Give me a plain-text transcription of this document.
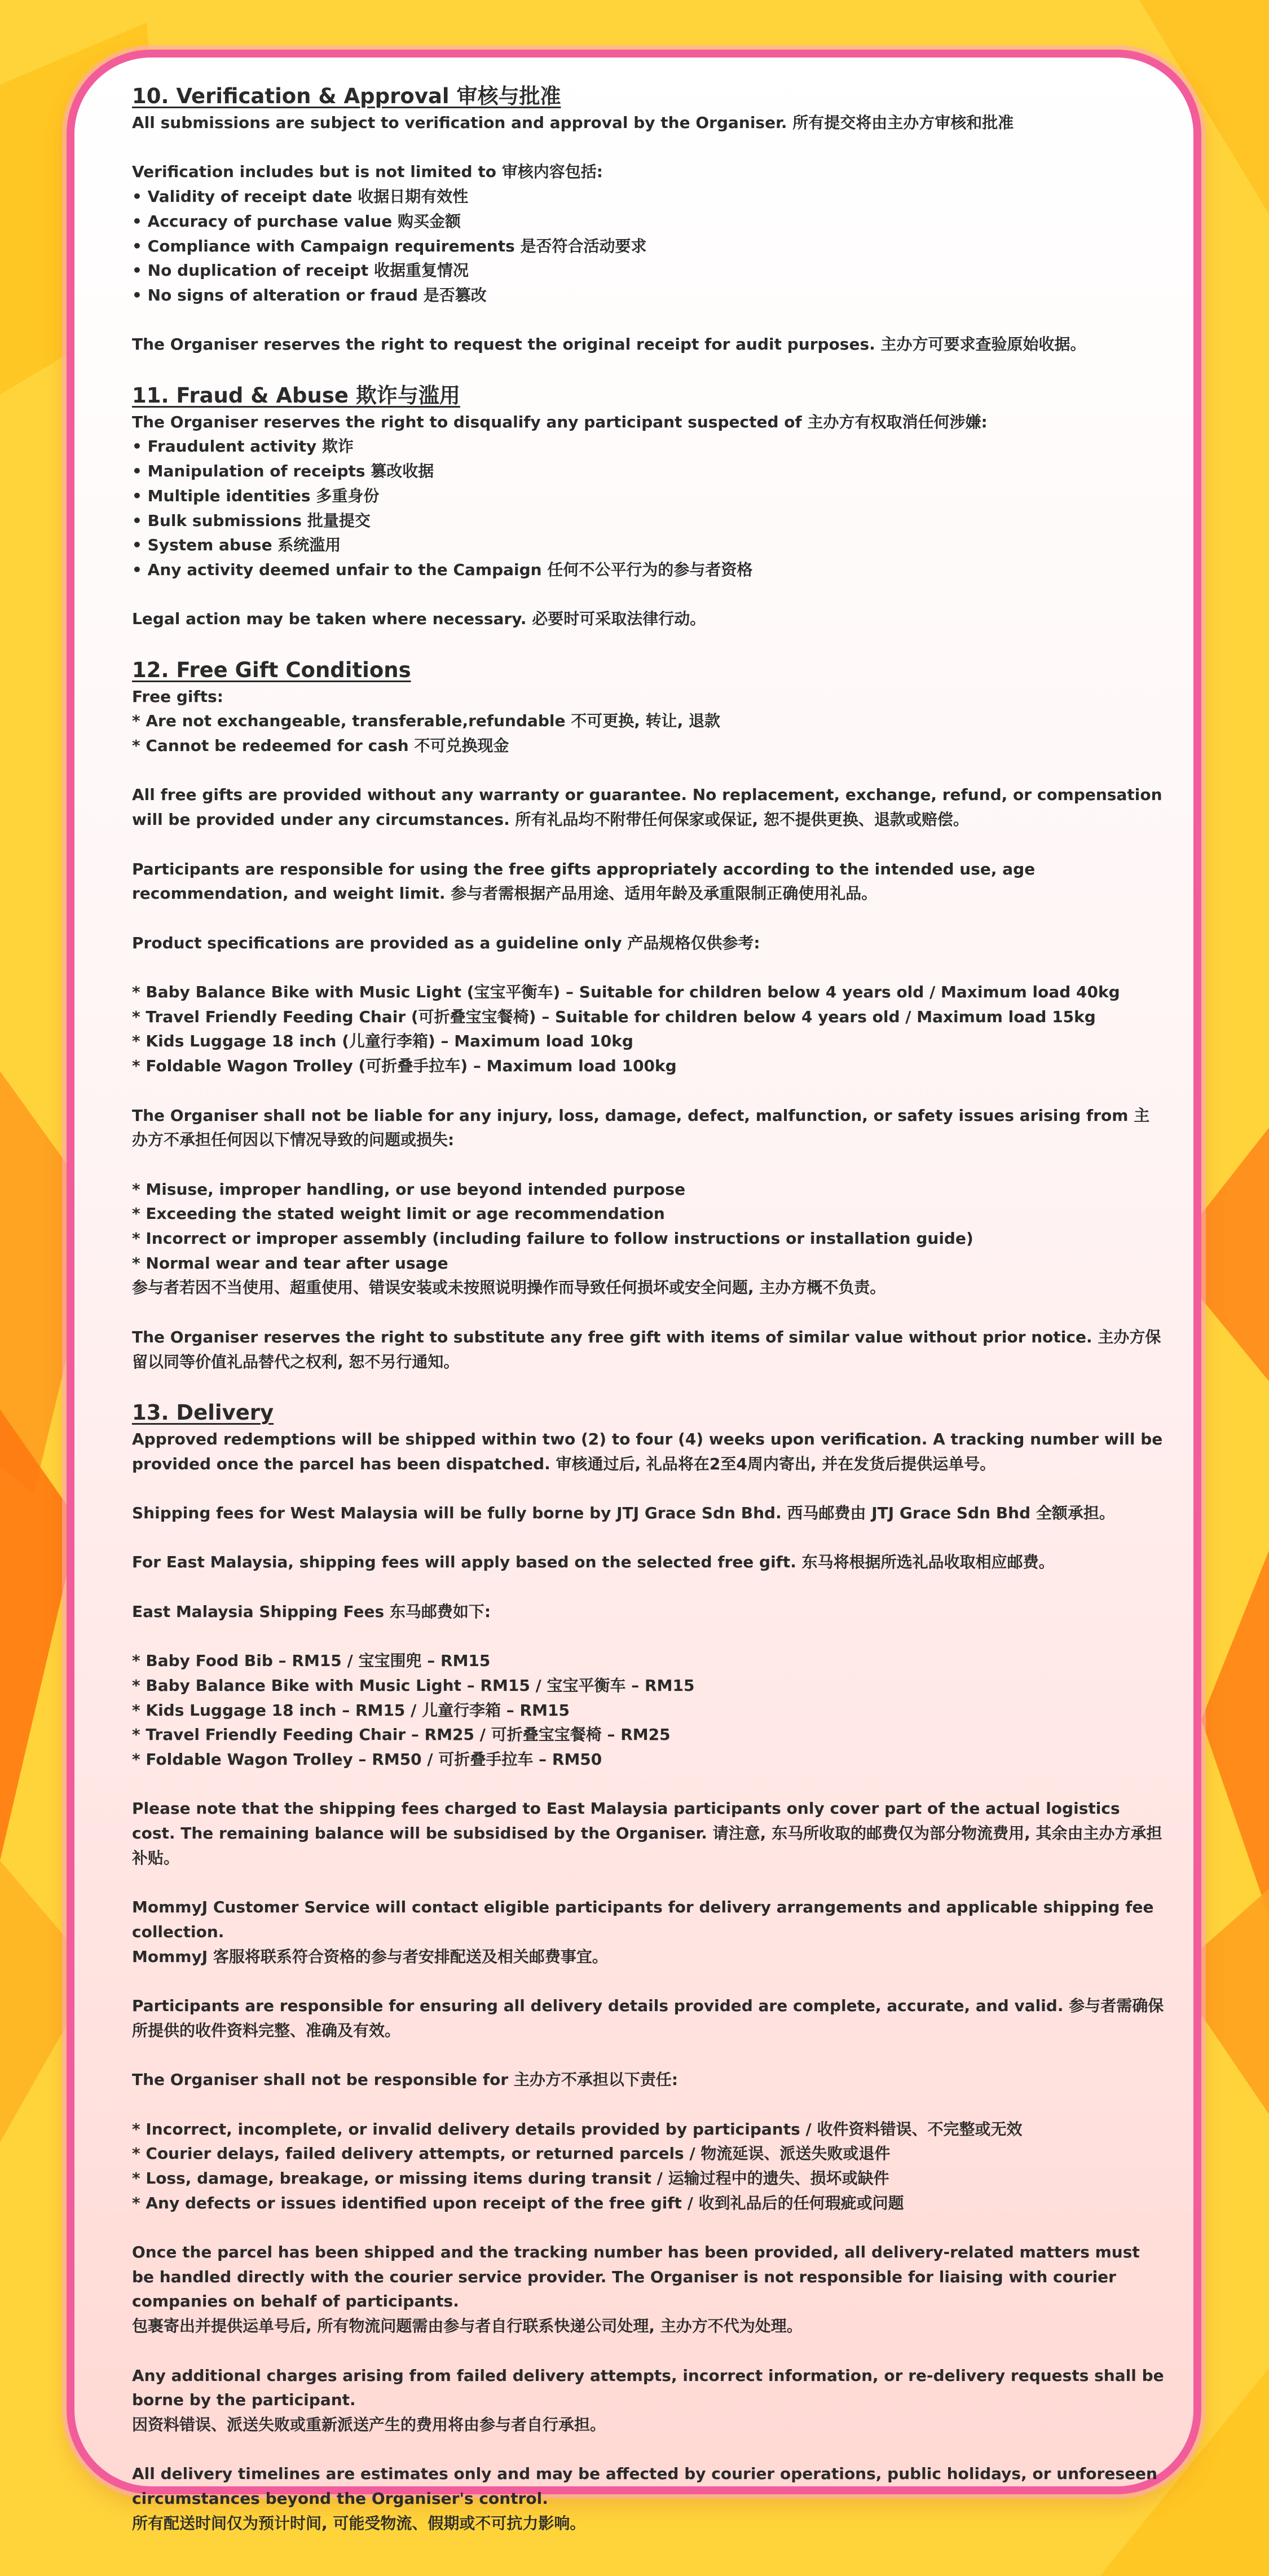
10. Verification & Approval 审核与批准

All submissions are subject to verification and approval by the Organiser. 所有提交将由主办方审核和批准

Verification includes but is not limited to 审核内容包括:

• Validity of receipt date 收据日期有效性

• Accuracy of purchase value 购买金额

• Compliance with Campaign requirements 是否符合活动要求

• No duplication of receipt 收据重复情况

• No signs of alteration or fraud 是否篡改

The Organiser reserves the right to request the original receipt for audit purposes. 主办方可要求查验原始收据。

11. Fraud & Abuse 欺诈与滥用

The Organiser reserves the right to disqualify any participant suspected of 主办方有权取消任何涉嫌:

• Fraudulent activity 欺诈

• Manipulation of receipts 篡改收据

• Multiple identities 多重身份

• Bulk submissions 批量提交

• System abuse 系统滥用

• Any activity deemed unfair to the Campaign 任何不公平行为的参与者资格

Legal action may be taken where necessary. 必要时可采取法律行动。

12. Free Gift Conditions

Free gifts:

* Are not exchangeable, transferable,refundable 不可更换, 转让, 退款

* Cannot be redeemed for cash 不可兑换现金

All free gifts are provided without any warranty or guarantee. No replacement, exchange, refund, or compensation will be provided under any circumstances. 所有礼品均不附带任何保家或保证, 恕不提供更换、退款或赔偿。

Participants are responsible for using the free gifts appropriately according to the intended use, age recommendation, and weight limit. 参与者需根据产品用途、适用年龄及承重限制正确使用礼品。

Product specifications are provided as a guideline only 产品规格仅供参考:

* Baby Balance Bike with Music Light (宝宝平衡车) – Suitable for children below 4 years old / Maximum load 40kg

* Travel Friendly Feeding Chair (可折叠宝宝餐椅) – Suitable for children below 4 years old / Maximum load 15kg

* Kids Luggage 18 inch (儿童行李箱) – Maximum load 10kg

* Foldable Wagon Trolley (可折叠手拉车) – Maximum load 100kg

The Organiser shall not be liable for any injury, loss, damage, defect, malfunction, or safety issues arising from 主办方不承担任何因以下情况导致的问题或损失:

* Misuse, improper handling, or use beyond intended purpose

* Exceeding the stated weight limit or age recommendation

* Incorrect or improper assembly (including failure to follow instructions or installation guide)

* Normal wear and tear after usage

参与者若因不当使用、超重使用、错误安装或未按照说明操作而导致任何损坏或安全问题, 主办方概不负责。

The Organiser reserves the right to substitute any free gift with items of similar value without prior notice. 主办方保留以同等价值礼品替代之权利, 恕不另行通知。

13. Delivery

Approved redemptions will be shipped within two (2) to four (4) weeks upon verification. A tracking number will be provided once the parcel has been dispatched. 审核通过后, 礼品将在2至4周内寄出, 并在发货后提供运单号。

Shipping fees for West Malaysia will be fully borne by JTJ Grace Sdn Bhd. 西马邮费由 JTJ Grace Sdn Bhd 全额承担。

For East Malaysia, shipping fees will apply based on the selected free gift. 东马将根据所选礼品收取相应邮费。

East Malaysia Shipping Fees 东马邮费如下:

* Baby Food Bib – RM15 / 宝宝围兜 – RM15

* Baby Balance Bike with Music Light – RM15 / 宝宝平衡车 – RM15

* Kids Luggage 18 inch – RM15 / 儿童行李箱 – RM15

* Travel Friendly Feeding Chair – RM25 / 可折叠宝宝餐椅 – RM25

* Foldable Wagon Trolley – RM50 / 可折叠手拉车 – RM50

Please note that the shipping fees charged to East Malaysia participants only cover part of the actual logistics cost. The remaining balance will be subsidised by the Organiser. 请注意, 东马所收取的邮费仅为部分物流费用, 其余由主办方承担补贴。

MommyJ Customer Service will contact eligible participants for delivery arrangements and applicable shipping fee collection.

MommyJ 客服将联系符合资格的参与者安排配送及相关邮费事宜。

Participants are responsible for ensuring all delivery details provided are complete, accurate, and valid. 参与者需确保所提供的收件资料完整、准确及有效。

The Organiser shall not be responsible for 主办方不承担以下责任:

* Incorrect, incomplete, or invalid delivery details provided by participants / 收件资料错误、不完整或无效

* Courier delays, failed delivery attempts, or returned parcels / 物流延误、派送失败或退件

* Loss, damage, breakage, or missing items during transit / 运输过程中的遗失、损坏或缺件

* Any defects or issues identified upon receipt of the free gift / 收到礼品后的任何瑕疵或问题

Once the parcel has been shipped and the tracking number has been provided, all delivery-related matters must be handled directly with the courier service provider. The Organiser is not responsible for liaising with courier companies on behalf of participants.

包裹寄出并提供运单号后, 所有物流问题需由参与者自行联系快递公司处理, 主办方不代为处理。

Any additional charges arising from failed delivery attempts, incorrect information, or re-delivery requests shall be borne by the participant.

因资料错误、派送失败或重新派送产生的费用将由参与者自行承担。

All delivery timelines are estimates only and may be affected by courier operations, public holidays, or unforeseen circumstances beyond the Organiser's control.

所有配送时间仅为预计时间, 可能受物流、假期或不可抗力影响。
